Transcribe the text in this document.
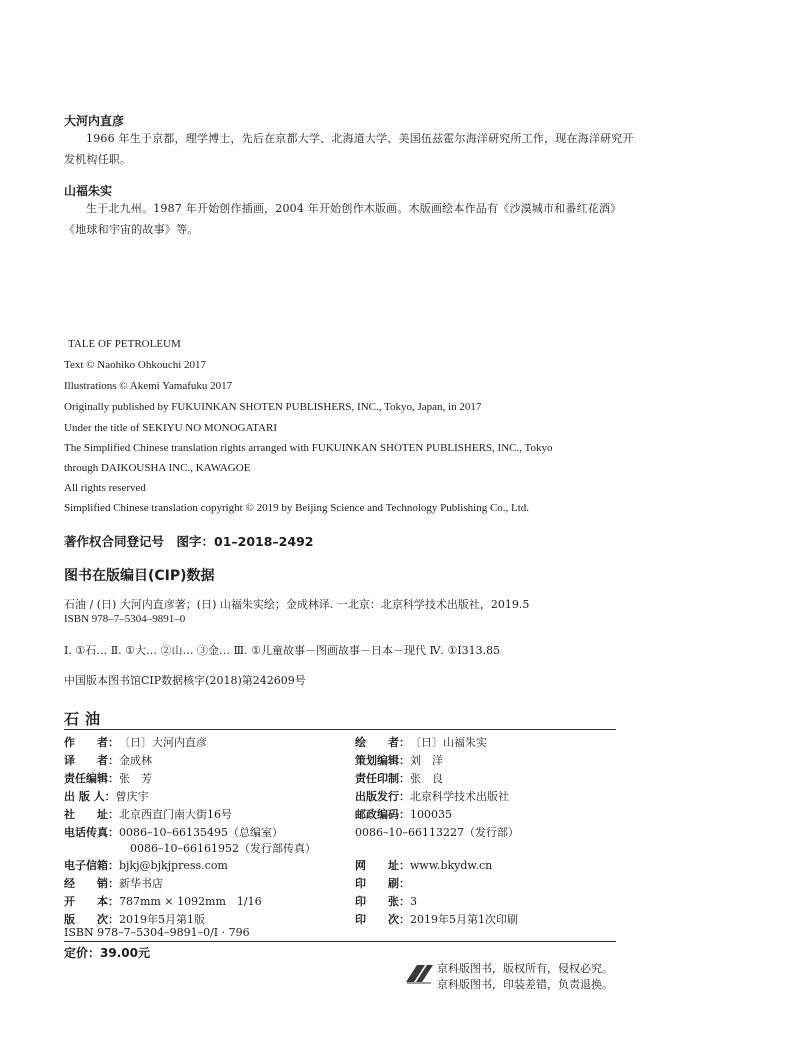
大河内直彦
1966 年生于京都，理学博士，先后在京都大学、北海道大学、美国伍兹霍尔海洋研究所工作，现在海洋研究开发机构任职。
山福朱实
生于北九州。1987 年开始创作插画，2004 年开始创作木版画。木版画绘本作品有《沙漠城市和番红花酒》《地球和宇宙的故事》等。
TALE OF PETROLEUM
Text © Naohiko Ohkouchi 2017
Illustrations © Akemi Yamafuku 2017
Originally published by FUKUINKAN SHOTEN PUBLISHERS, INC., Tokyo, Japan, in 2017
Under the title of SEKIYU NO MONOGATARI
The Simplified Chinese translation rights arranged with FUKUINKAN SHOTEN PUBLISHERS, INC., Tokyo
through DAIKOUSHA INC., KAWAGOE
All rights reserved
Simplified Chinese translation copyright © 2019 by Beijing Science and Technology Publishing Co., Ltd.
著作权合同登记号　图字：01–2018–2492
图书在版编目(CIP)数据
石油 / (日) 大河内直彦著；(日) 山福朱实绘；金成林译. 一北京：北京科学技术出版社，2019.5
ISBN 978–7–5304–9891–0
Ⅰ. ①石… Ⅱ. ①大… ②山… ③金… Ⅲ. ①儿童故事－图画故事－日本－现代 Ⅳ. ①I313.85
中国版本图书馆CIP数据核字(2018)第242609号
石油
作　　者：〔日〕大河内直彦
译　　者：金成林
责任编辑：张　芳
出 版 人：曾庆宇
社　　址：北京西直门南大街16号
电话传真：0086–10–66135495（总编室）
0086–10–66161952（发行部传真）
电子信箱：bjkj@bjkjpress.com
经　　销：新华书店
开　　本：787mm × 1092mm　1/16
版　　次：2019年5月第1版
ISBN 978–7–5304–9891–0/I · 796
绘　　者：〔日〕山福朱实
策划编辑：刘　洋
责任印制：张　良
出版发行：北京科学技术出版社
邮政编码：100035
0086–10–66113227（发行部）
网　　址：www.bkydw.cn
印　　刷：
印　　张：3
印　　次：2019年5月第1次印刷
定价：39.00元
京科版图书，版权所有，侵权必究。
京科版图书，印装差错，负责退换。
